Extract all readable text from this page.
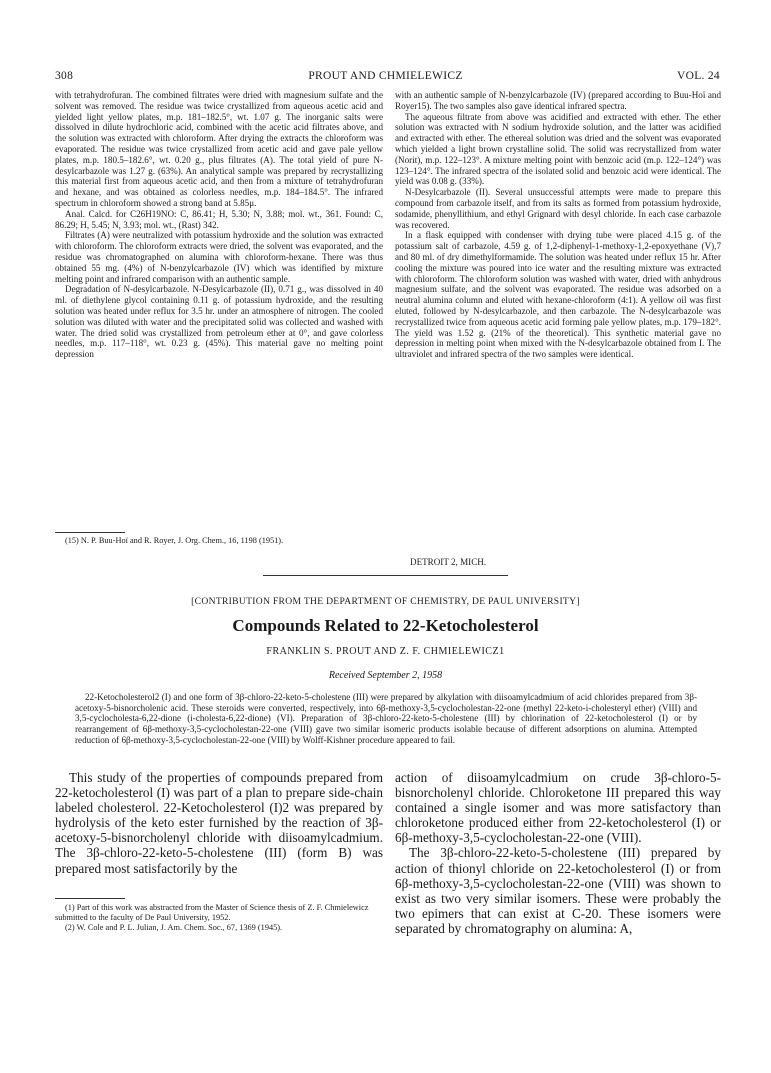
308	PROUT AND CHMIELEWICZ	VOL. 24

with tetrahydrofuran. The combined filtrates were dried with magnesium sulfate and the solvent was removed. The residue was twice crystallized from aqueous acetic acid and yielded light yellow plates, m.p. 181–182.5°, wt. 1.07 g. The inorganic salts were dissolved in dilute hydrochloric acid, combined with the acetic acid filtrates above, and the solution was extracted with chloroform. After drying the extracts the chloroform was evaporated. The residue was twice crystallized from acetic acid and gave pale yellow plates, m.p. 180.5–182.6°, wt. 0.20 g., plus filtrates (A). The total yield of pure N-desylcarbazole was 1.27 g. (63%). An analytical sample was prepared by recrystallizing this material first from aqueous acetic acid, and then from a mixture of tetrahydrofuran and hexane, and was obtained as colorless needles, m.p. 184–184.5°. The infrared spectrum in chloroform showed a strong band at 5.85μ.

Anal. Calcd. for C26H19NO: C, 86.41; H, 5.30; N, 3.88; mol. wt., 361. Found: C, 86.29; H, 5.45; N, 3.93; mol. wt., (Rast) 342.

Filtrates (A) were neutralized with potassium hydroxide and the solution was extracted with chloroform. The chloroform extracts were dried, the solvent was evaporated, and the residue was chromatographed on alumina with chloroform-hexane. There was thus obtained 55 mg. (4%) of N-benzylcarbazole (IV) which was identified by mixture melting point and infrared comparison with an authentic sample.

Degradation of N-desylcarbazole. N-Desylcarbazole (II), 0.71 g., was dissolved in 40 ml. of diethylene glycol containing 0.11 g. of potassium hydroxide, and the resulting solution was heated under reflux for 3.5 hr. under an atmosphere of nitrogen. The cooled solution was diluted with water and the precipitated solid was collected and washed with water. The dried solid was crystallized from petroleum ether at 0°, and gave colorless needles, m.p. 117–118°, wt. 0.23 g. (45%). This material gave no melting point depression

(15) N. P. Buu-Hoï and R. Royer, J. Org. Chem., 16, 1198 (1951).

with an authentic sample of N-benzylcarbazole (IV) (prepared according to Buu-Hoï and Royer15). The two samples also gave identical infrared spectra.

The aqueous filtrate from above was acidified and extracted with ether. The ether solution was extracted with N sodium hydroxide solution, and the latter was acidified and extracted with ether. The ethereal solution was dried and the solvent was evaporated which yielded a light brown crystalline solid. The solid was recrystallized from water (Norit), m.p. 122–123°. A mixture melting point with benzoic acid (m.p. 122–124°) was 123–124°. The infrared spectra of the isolated solid and benzoic acid were identical. The yield was 0.08 g. (33%).

N-Desylcarbazole (II). Several unsuccessful attempts were made to prepare this compound from carbazole itself, and from its salts as formed from potassium hydroxide, sodamide, phenyllithium, and ethyl Grignard with desyl chloride. In each case carbazole was recovered.

In a flask equipped with condenser with drying tube were placed 4.15 g. of the potassium salt of carbazole, 4.59 g. of 1,2-diphenyl-1-methoxy-1,2-epoxyethane (V),7 and 80 ml. of dry dimethylformamide. The solution was heated under reflux 15 hr. After cooling the mixture was poured into ice water and the resulting mixture was extracted with chloroform. The chloroform solution was washed with water, dried with anhydrous magnesium sulfate, and the solvent was evaporated. The residue was adsorbed on a neutral alumina column and eluted with hexane-chloroform (4:1). A yellow oil was first eluted, followed by N-desylcarbazole, and then carbazole. The N-desylcarbazole was recrystallized twice from aqueous acetic acid forming pale yellow plates, m.p. 179–182°. The yield was 1.52 g. (21% of the theoretical). This synthetic material gave no depression in melting point when mixed with the N-desylcarbazole obtained from I. The ultraviolet and infrared spectra of the two samples were identical.

DETROIT 2, MICH.
[CONTRIBUTION FROM THE DEPARTMENT OF CHEMISTRY, DE PAUL UNIVERSITY]
Compounds Related to 22-Ketocholesterol
FRANKLIN S. PROUT AND Z. F. CHMIELEWICZ1
Received September 2, 1958

22-Ketocholesterol2 (I) and one form of 3β-chloro-22-keto-5-cholestene (III) were prepared by alkylation with diisoamylcadmium of acid chlorides prepared from 3β-acetoxy-5-bisnorcholenic acid. These steroids were converted, respectively, into 6β-methoxy-3,5-cyclocholestan-22-one (methyl 22-keto-i-cholesteryl ether) (VIII) and 3,5-cyclocholesta-6,22-dione (i-cholesta-6,22-dione) (VI). Preparation of 3β-chloro-22-keto-5-cholestene (III) by chlorination of 22-ketocholesterol (I) or by rearrangement of 6β-methoxy-3,5-cyclocholestan-22-one (VIII) gave two similar isomeric products isolable because of different adsorptions on alumina. Attempted reduction of 6β-methoxy-3,5-cyclocholestan-22-one (VIII) by Wolff-Kishner procedure appeared to fail.

This study of the properties of compounds prepared from 22-ketocholesterol (I) was part of a plan to prepare side-chain labeled cholesterol. 22-Ketocholesterol (I)2 was prepared by hydrolysis of the keto ester furnished by the reaction of 3β-acetoxy-5-bisnorcholenyl chloride with diisoamylcadmium. The 3β-chloro-22-keto-5-cholestene (III) (form B) was prepared most satisfactorily by the

(1) Part of this work was abstracted from the Master of Science thesis of Z. F. Chmielewicz submitted to the faculty of De Paul University, 1952.

(2) W. Cole and P. L. Julian, J. Am. Chem. Soc., 67, 1369 (1945).

action of diisoamylcadmium on crude 3β-chloro-5-bisnorcholenyl chloride. Chloroketone III prepared this way contained a single isomer and was more satisfactory than chloroketone produced either from 22-ketocholesterol (I) or 6β-methoxy-3,5-cyclocholestan-22-one (VIII).

The 3β-chloro-22-keto-5-cholestene (III) prepared by action of thionyl chloride on 22-ketocholesterol (I) or from 6β-methoxy-3,5-cyclocholestan-22-one (VIII) was shown to exist as two very similar isomers. These were probably the two epimers that can exist at C-20. These isomers were separated by chromatography on alumina: A,
